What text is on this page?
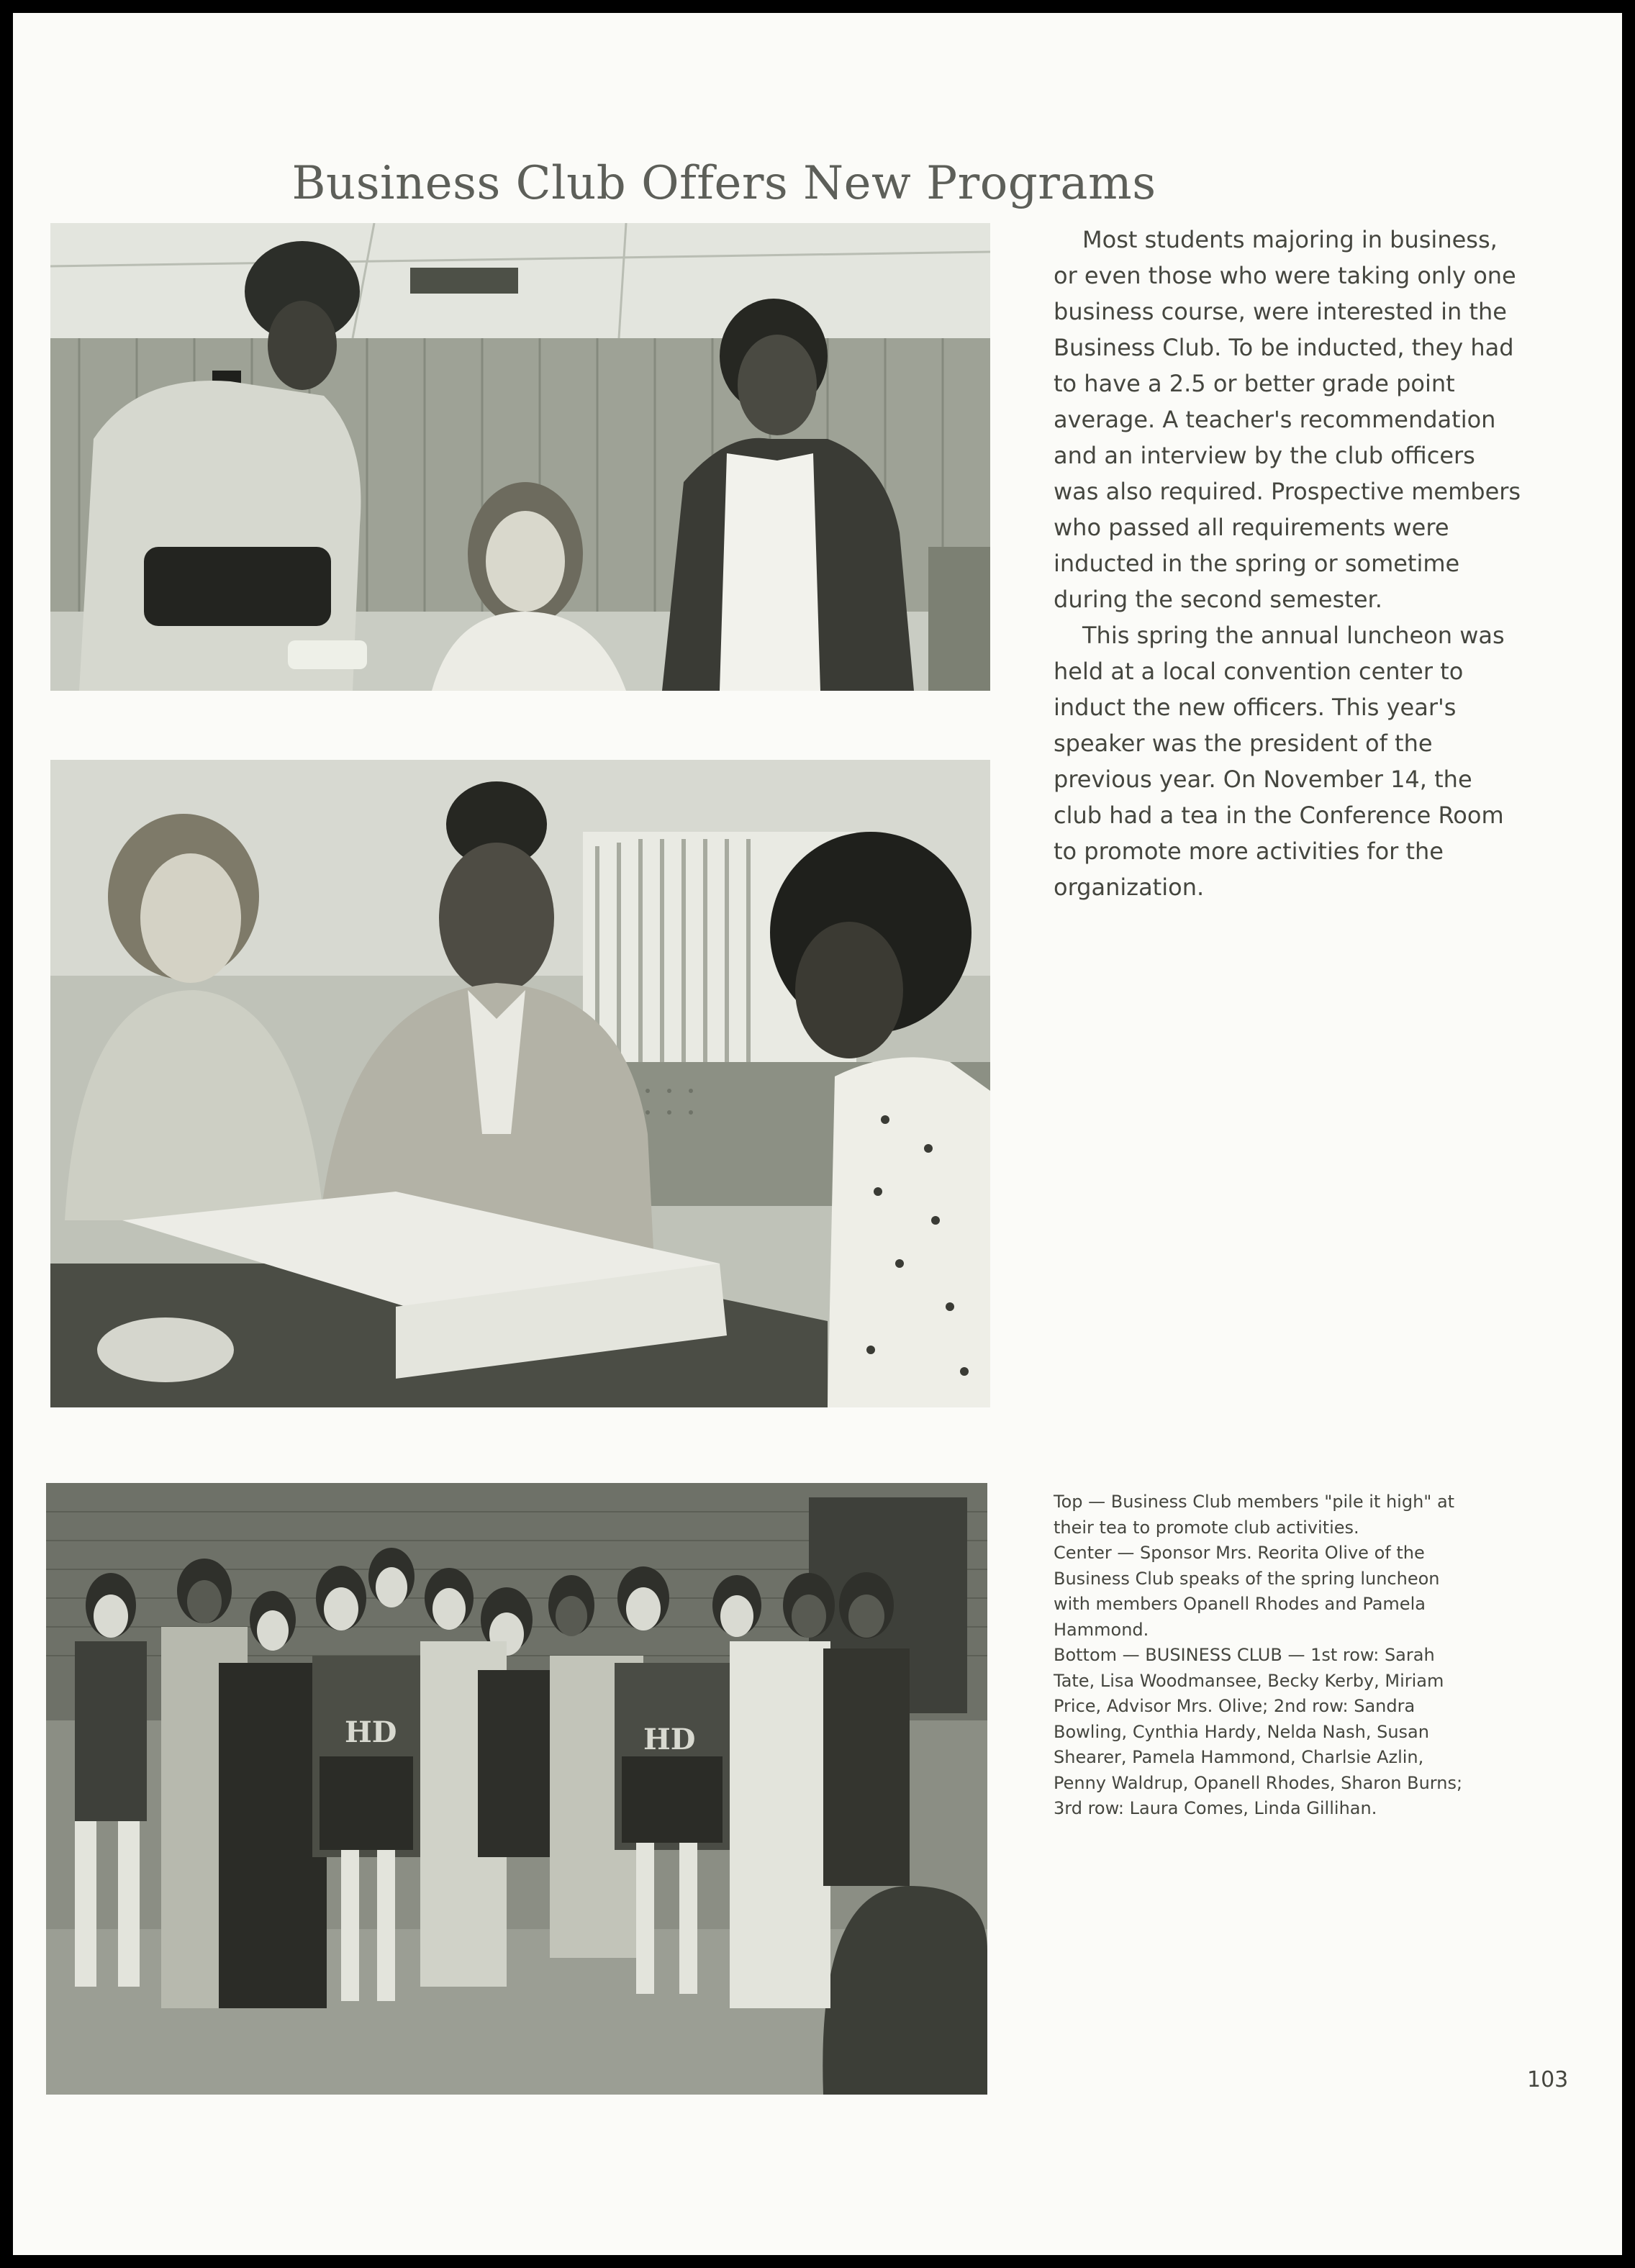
Business Club Offers New Programs
HD	HD

Most students majoring in business, or even those who were taking only one business course, were interested in the Business Club. To be inducted, they had to have a 2.5 or better grade point average. A teacher's recommendation and an interview by the club officers was also required. Prospective members who passed all requirements were inducted in the spring or sometime during the second semester.

This spring the annual luncheon was held at a local convention center to induct the new officers. This year's speaker was the president of the previous year. On November 14, the club had a tea in the Conference Room to promote more activities for the organization.

Top — Business Club members "pile it high" at their tea to promote club activities.

Center — Sponsor Mrs. Reorita Olive of the Business Club speaks of the spring luncheon with members Opanell Rhodes and Pamela Hammond.

Bottom — BUSINESS CLUB — 1st row: Sarah Tate, Lisa Woodmansee, Becky Kerby, Miriam Price, Advisor Mrs. Olive; 2nd row: Sandra Bowling, Cynthia Hardy, Nelda Nash, Susan Shearer, Pamela Hammond, Charlsie Azlin, Penny Waldrup, Opanell Rhodes, Sharon Burns; 3rd row: Laura Comes, Linda Gillihan.

103
